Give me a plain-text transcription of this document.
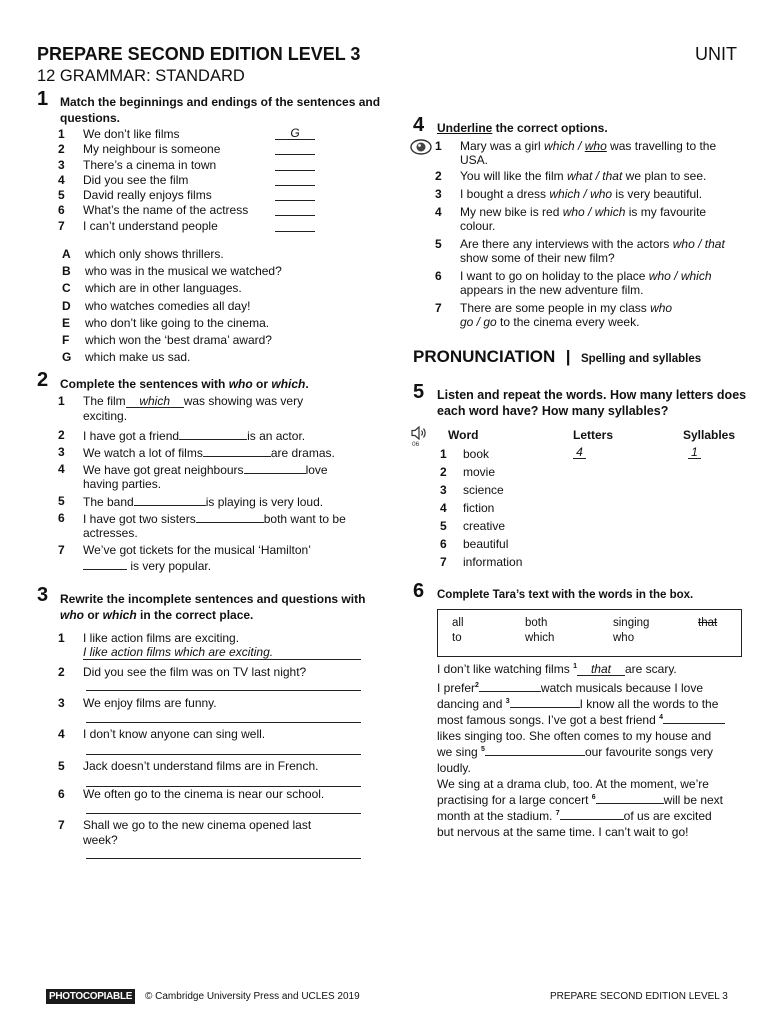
PREPARE SECOND EDITION LEVEL 3	UNIT
12 GRAMMAR: STANDARD
1 Match the beginnings and endings of the sentences and questions.
1 We don’t like films	G
2 My neighbour is someone
3 There’s a cinema in town
4 Did you see the film
5 David really enjoys films
6 What’s the name of the actress
7 I can’t understand people
A which only shows thrillers.
B who was in the musical we watched?
C which are in other languages.
D who watches comedies all day!
E who don’t like going to the cinema.
F which won the ‘best drama’ award?
G which make us sad.
2 Complete the sentences with who or which.
1 The film which was showing was very
exciting.
2 I have got a friend	is an actor.
3 We watch a lot of films	are dramas.
4 We have got great neighbours	love
having parties.
5 The band	is playing is very loud.
6 I have got two sisters	both want to be
actresses.
7 We’ve got tickets for the musical ‘Hamilton’
is very popular.
3 Rewrite the incomplete sentences and questions with who or which in the correct place.
1 I like action films are exciting.
I like action films which are exciting.
2 Did you see the film was on TV last night?
3 We enjoy films are funny.
4 I don’t know anyone can sing well.
5 Jack doesn’t understand films are in French.
6 We often go to the cinema is near our school.
7 Shall we go to the new cinema opened last
week?
4 Underline the correct options.
1 Mary was a girl which / who was travelling to the
USA.
2 You will like the film what / that we plan to see.
3 I bought a dress which / who is very beautiful.
4 My new bike is red who / which is my favourite
colour.
5 Are there any interviews with the actors who / that
show some of their new film?
6 I want to go on holiday to the place who / which
appears in the new adventure film.
7 There are some people in my class who
go / go to the cinema every week.
PRONUNCIATION | Spelling and syllables
5 Listen and repeat the words. How many letters does each word have? How many syllables?
06
Word	Letters	Syllables
1 book	4	1
2 movie
3 science
4 fiction
5 creative
6 beautiful
7 information
6 Complete Tara’s text with the words in the box.
all	both	singing	that
to	which	who
I don’t like watching films $^1$ that are scary.
I prefer$^2$	watch musicals because I love
dancing and $^3$	I know all the words to the
most famous songs. I’ve got a best friend $^4$
likes singing too. She often comes to my house and
we sing $^5$	our favourite songs very
loudly.
We sing at a drama club, too. At the moment, we’re
practising for a large concert $^6$	will be next
month at the stadium. $^7$	of us are excited
but nervous at the same time. I can’t wait to go!
PHOTOCOPIABLE	© Cambridge University Press and UCLES 2019	PREPARE SECOND EDITION LEVEL 3
